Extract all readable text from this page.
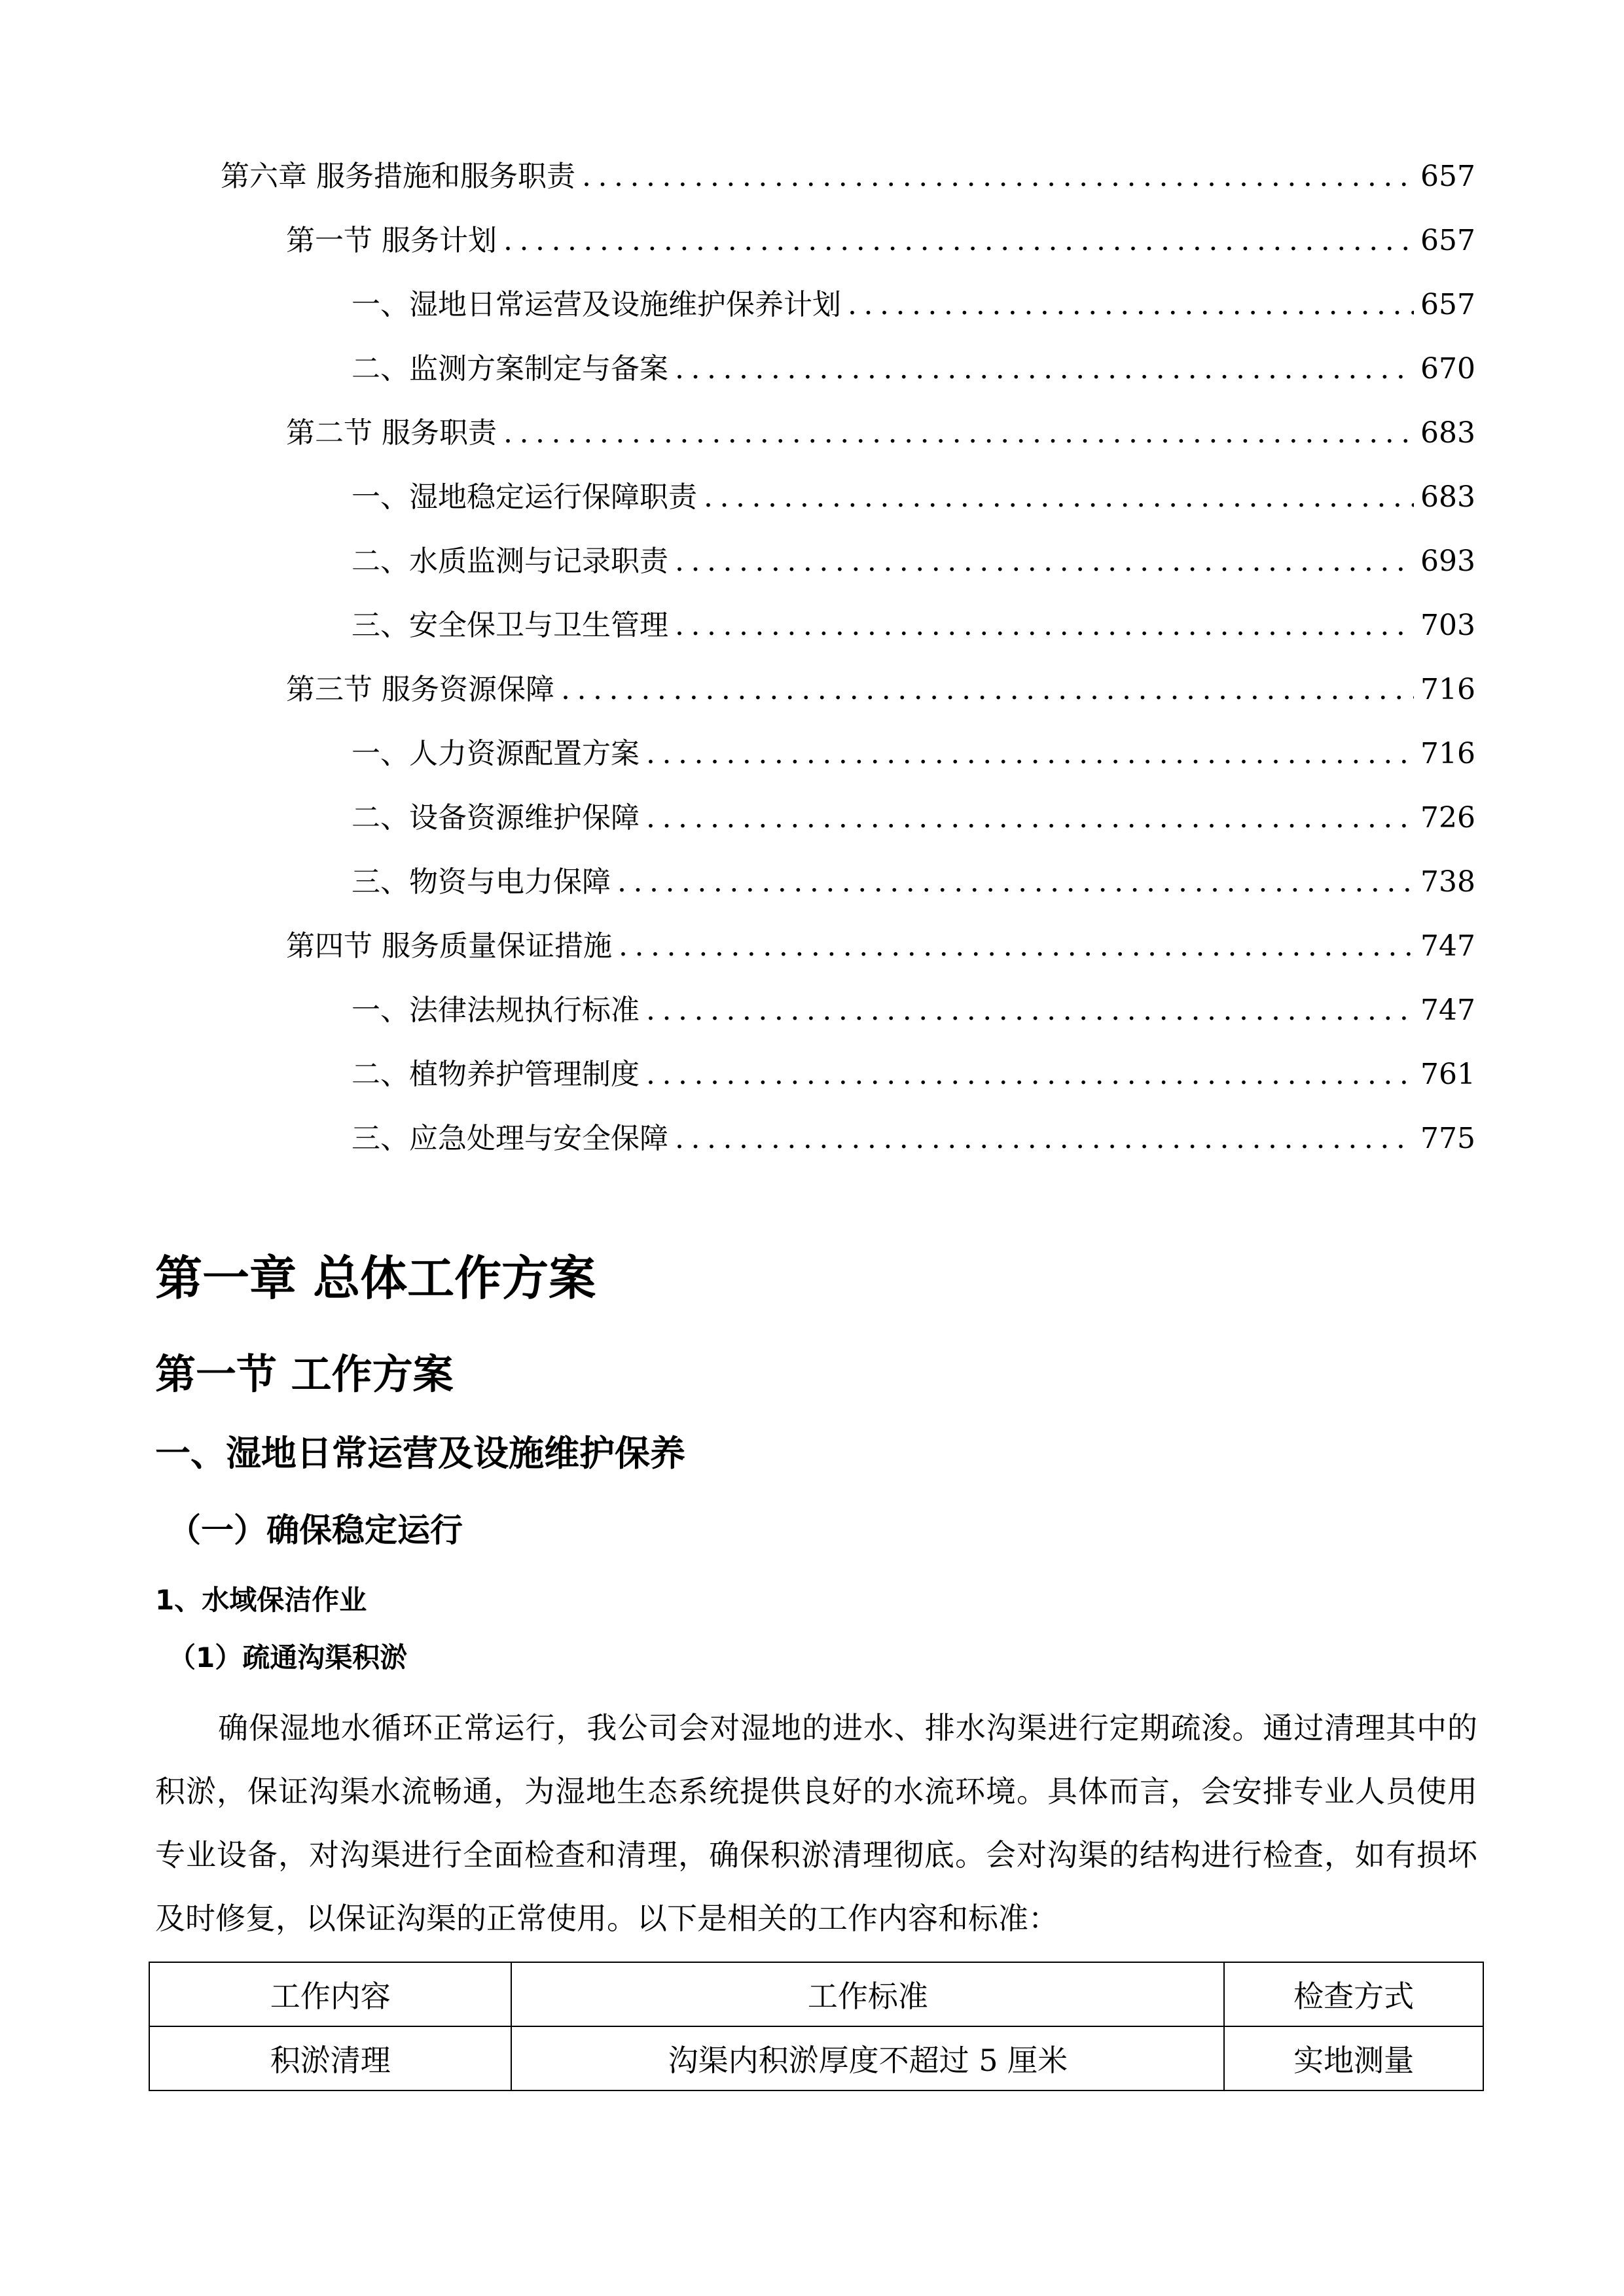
第六章 服务措施和服务职责 .....	657
第一节 服务计划 .....	657
一、 湿地日常运营及设施维护保养计划 .....	657
二、 监测方案制定与备案 .....	670
第二节 服务职责 .....	683
一、 湿地稳定运行保障职责 .....	683
二、 水质监测与记录职责 .....	693
三、 安全保卫与卫生管理 .....	703
第三节 服务资源保障 .....	716
一、 人力资源配置方案 .....	716
二、 设备资源维护保障 .....	726
三、 物资与电力保障 .....	738
第四节 服务质量保证措施 .....	747
一、 法律法规执行标准 .....	747
二、 植物养护管理制度 .....	761
三、 应急处理与安全保障 .....	775
第一章 总体工作方案
第一节 工作方案
一、湿地日常运营及设施维护保养
（一）确保稳定运行
1、水域保洁作业
（1）疏通沟渠积淤

确保湿地水循环正常运行，我公司会对湿地的进水、排水沟渠进行定期疏浚。通过清理其中的积淤，保证沟渠水流畅通，为湿地生态系统提供良好的水流环境。具体而言，会安排专业人员使用专业设备，对沟渠进行全面检查和清理，确保积淤清理彻底。会对沟渠的结构进行检查，如有损坏及时修复，以保证沟渠的正常使用。以下是相关的工作内容和标准：

工作内容	工作标准	检查方式
积淤清理	沟渠内积淤厚度不超过 5 厘米	实地测量
